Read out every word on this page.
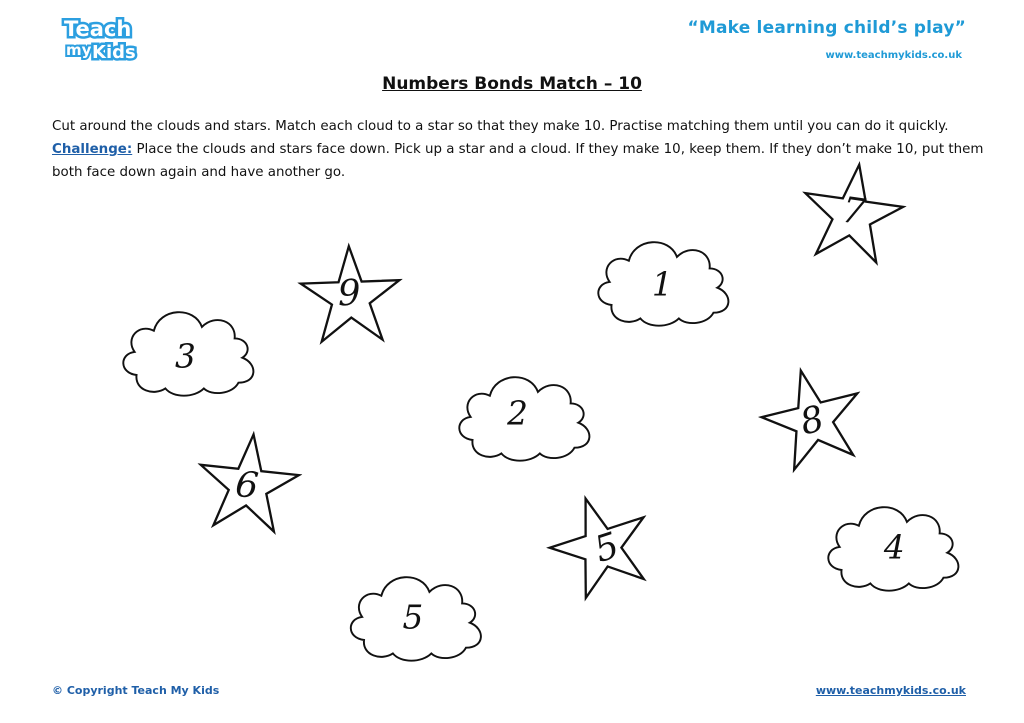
Teach
my Kids
“Make learning child’s play”
www.teachmykids.co.uk
Numbers Bonds Match – 10
Cut around the clouds and stars. Match each cloud to a star so that they make 10. Practise matching them until you can do it quickly.
Challenge: Place the clouds and stars face down. Pick up a star and a cloud. If they make 10, keep them. If they don’t make 10, put them both face down again and have another go.
3
1
2
4
5
9
7
8
6
5
© Copyright Teach My Kids	www.teachmykids.co.uk
